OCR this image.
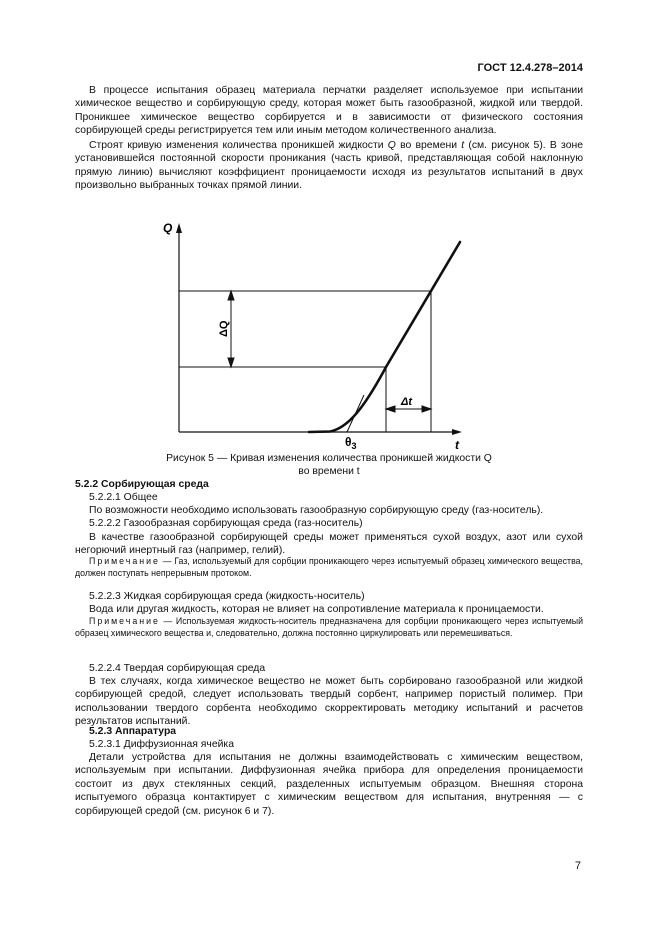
ГОСТ 12.4.278–2014

В процессе испытания образец материала перчатки разделяет используемое при испытании химическое вещество и сорбирующую среду, которая может быть газообразной, жидкой или твердой. Проникшее химическое вещество сорбируется и в зависимости от физического состояния сорбирующей среды регистрируется тем или иным методом количественного анализа.

Строят кривую изменения количества проникшей жидкости Q во времени t (см. рисунок 5). В зоне установившейся постоянной скорости проникания (часть кривой, представляющая собой наклонную прямую линию) вычисляют коэффициент проницаемости исходя из результатов испытаний в двух произвольно выбранных точках прямой линии.

Q
t
ΔQ
Δt
$\theta_3$
Рисунок 5 — Кривая изменения количества проникшей жидкости Q
во времени t

5.2.2 Сорбирующая среда

5.2.2.1 Общее

По возможности необходимо использовать газообразную сорбирующую среду (газ-носитель).

5.2.2.2 Газообразная сорбирующая среда (газ-носитель)

В качестве газообразной сорбирующей среды может применяться сухой воздух, азот или сухой негорючий инертный газ (например, гелий).

Примечание — Газ, используемый для сорбции проникающего через испытуемый образец химического вещества, должен поступать непрерывным протоком.

5.2.2.3 Жидкая сорбирующая среда (жидкость-носитель)

Вода или другая жидкость, которая не влияет на сопротивление материала к проницаемости.

Примечание — Используемая жидкость-носитель предназначена для сорбции проникающего через испытуемый образец химического вещества и, следовательно, должна постоянно циркулировать или перемешиваться.

5.2.2.4 Твердая сорбирующая среда

В тех случаях, когда химическое вещество не может быть сорбировано газообразной или жидкой сорбирующей средой, следует использовать твердый сорбент, например пористый полимер. При использовании твердого сорбента необходимо скорректировать методику испытаний и расчетов результатов испытаний.

5.2.3 Аппаратура

5.2.3.1 Диффузионная ячейка

Детали устройства для испытания не должны взаимодействовать с химическим веществом, используемым при испытании. Диффузионная ячейка прибора для определения проницаемости состоит из двух стеклянных секций, разделенных испытуемым образцом. Внешняя сторона испытуемого образца контактирует с химическим веществом для испытания, внутренняя — с сорбирующей средой (см. рисунок 6 и 7).

7
